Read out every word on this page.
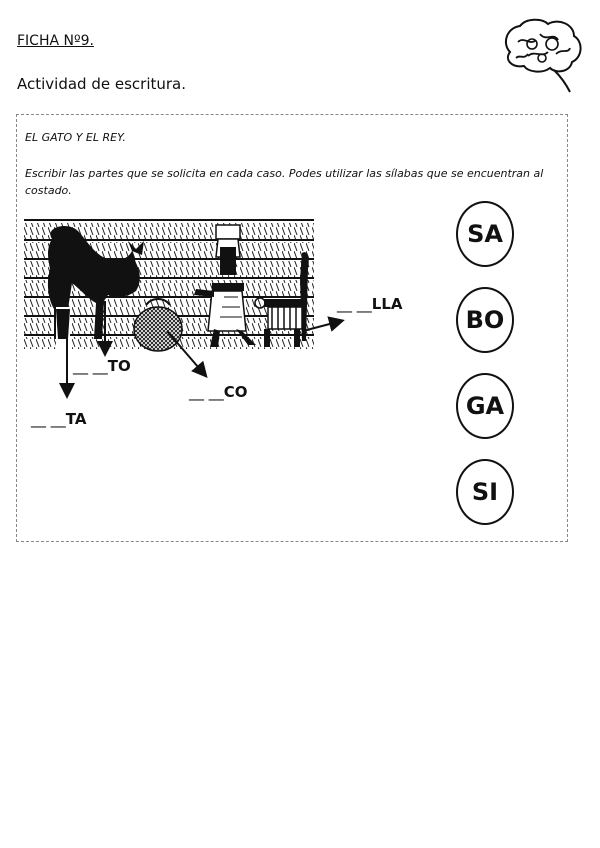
FICHA Nº9.
Actividad de escritura.
EL GATO Y EL REY.
Escribir las partes que se solicita en cada caso. Podes utilizar las sílabas que se encuentran al costado.
__ __LLA
__ __TO
__ __CO
__ __TA
SA
BO
GA
SI
